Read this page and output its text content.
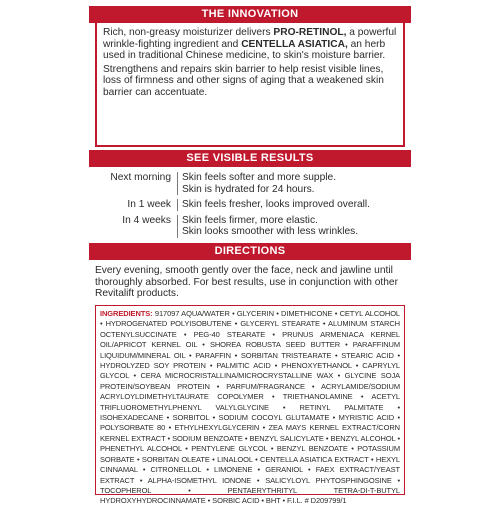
THE INNOVATION

Rich, non-greasy moisturizer delivers PRO-RETINOL, a powerful wrinkle-fighting ingredient and CENTELLA ASIATICA, an herb used in traditional Chinese medicine, to skin's moisture barrier.

Strengthens and repairs skin barrier to help resist visible lines, loss of firmness and other signs of aging that a weakened skin barrier can accentuate.

SEE VISIBLE RESULTS
Next morning	Skin feels softer and more supple.
Skin is hydrated for 24 hours.
In 1 week	Skin feels fresher, looks improved overall.
In 4 weeks	Skin feels firmer, more elastic.
Skin looks smoother with less wrinkles.
DIRECTIONS

Every evening, smooth gently over the face, neck and jawline until thoroughly absorbed. For best results, use in conjunction with other Revitalift products.

INGREDIENTS: 917097 AQUA/WATER • GLYCERIN • DIMETHICONE • CETYL ALCOHOL • HYDROGENATED POLYISOBUTENE • GLYCERYL STEARATE • ALUMINUM STARCH OCTENYLSUCCINATE • PEG-40 STEARATE • PRUNUS ARMENIACA KERNEL OIL/APRICOT KERNEL OIL • SHOREA ROBUSTA SEED BUTTER • PARAFFINUM LIQUIDUM/MINERAL OIL • PARAFFIN • SORBITAN TRISTEARATE • STEARIC ACID • HYDROLYZED SOY PROTEIN • PALMITIC ACID • PHENOXYETHANOL • CAPRYLYL GLYCOL • CERA MICROCRISTALLINA/MICROCRYSTALLINE WAX • GLYCINE SOJA PROTEIN/SOYBEAN PROTEIN • PARFUM/FRAGRANCE • ACRYLAMIDE/SODIUM ACRYLOYLDIMETHYLTAURATE COPOLYMER • TRIETHANOLAMINE • ACETYL TRIFLUOROMETHYLPHENYL VALYLGLYCINE • RETINYL PALMITATE • ISOHEXADECANE • SORBITOL • SODIUM COCOYL GLUTAMATE • MYRISTIC ACID • POLYSORBATE 80 • ETHYLHEXYLGLYCERIN • ZEA MAYS KERNEL EXTRACT/CORN KERNEL EXTRACT • SODIUM BENZOATE • BENZYL SALICYLATE • BENZYL ALCOHOL • PHENETHYL ALCOHOL • PENTYLENE GLYCOL • BENZYL BENZOATE • POTASSIUM SORBATE • SORBITAN OLEATE • LINALOOL • CENTELLA ASIATICA EXTRACT • HEXYL CINNAMAL • CITRONELLOL • LIMONENE • GERANIOL • FAEX EXTRACT/YEAST EXTRACT • ALPHA-ISOMETHYL IONONE • SALICYLOYL PHYTOSPHINGOSINE • TOCOPHEROL • PENTAERYTHRITYL TETRA-DI-T-BUTYL HYDROXYHYDROCINNAMATE • SORBIC ACID • BHT • F.I.L. # D209799/1
